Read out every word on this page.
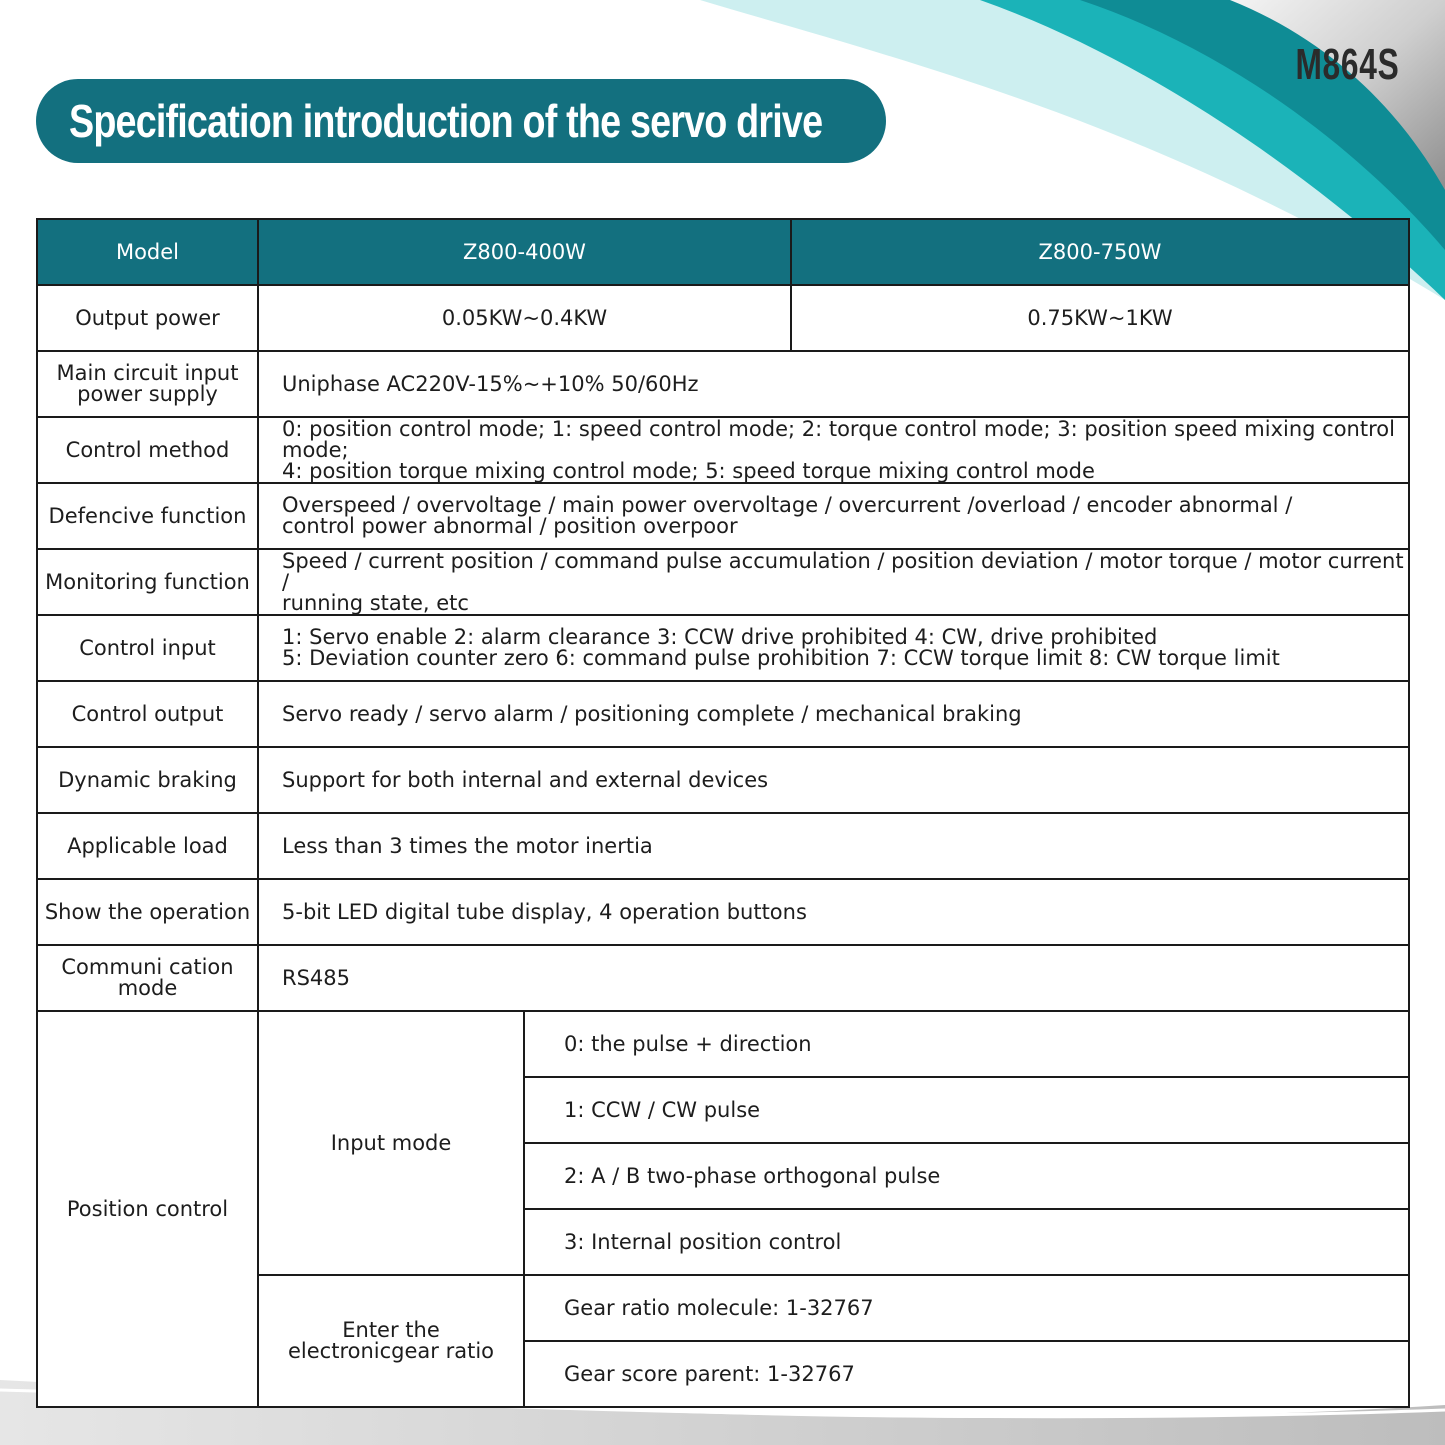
M864S
Specification introduction of the servo drive
Model	Z800-400W		Z800-750W
Output power	0.05KW~0.4KW		0.75KW~1KW

Main circuit input
power supply	Uniphase AC220V-15%~+10% 50/60Hz		

Control method	0: position control mode; 1: speed control mode; 2: torque control mode; 3: position speed mixing control mode;
4: position torque mixing control mode; 5: speed torque mixing control mode		

Defencive function	Overspeed / overvoltage / main power overvoltage / overcurrent /overload / encoder abnormal /
control power abnormal / position overpoor		

Monitoring function	Speed / current position / command pulse accumulation / position deviation / motor torque / motor current /
running state, etc		

Control input	1: Servo enable 2: alarm clearance 3: CCW drive prohibited 4: CW, drive prohibited
5: Deviation counter zero 6: command pulse prohibition 7: CCW torque limit 8: CW torque limit		

Control output	Servo ready / servo alarm / positioning complete / mechanical braking		

Dynamic braking	Support for both internal and external devices		

Applicable load	Less than 3 times the motor inertia		

Show the operation	5-bit LED digital tube display, 4 operation buttons		

Communi cation
mode	RS485		

Position control	Input mode	0: the pulse + direction	
		1: CCW / CW pulse	
		2: A / B two-phase orthogonal pulse	
		3: Internal position control	

	Enter the
electronicgear ratio	Gear ratio molecule: 1-32767	
		Gear score parent: 1-32767	
